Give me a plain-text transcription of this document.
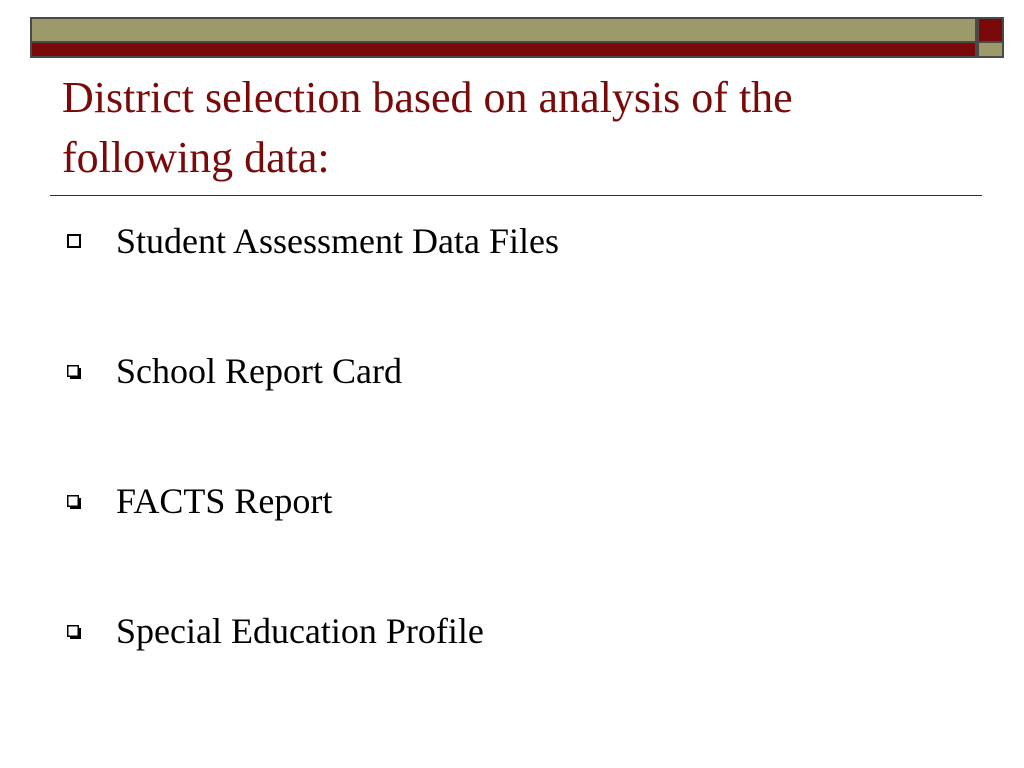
District selection based on analysis of the following data:
Student Assessment Data Files
School Report Card
FACTS Report
Special Education Profile
